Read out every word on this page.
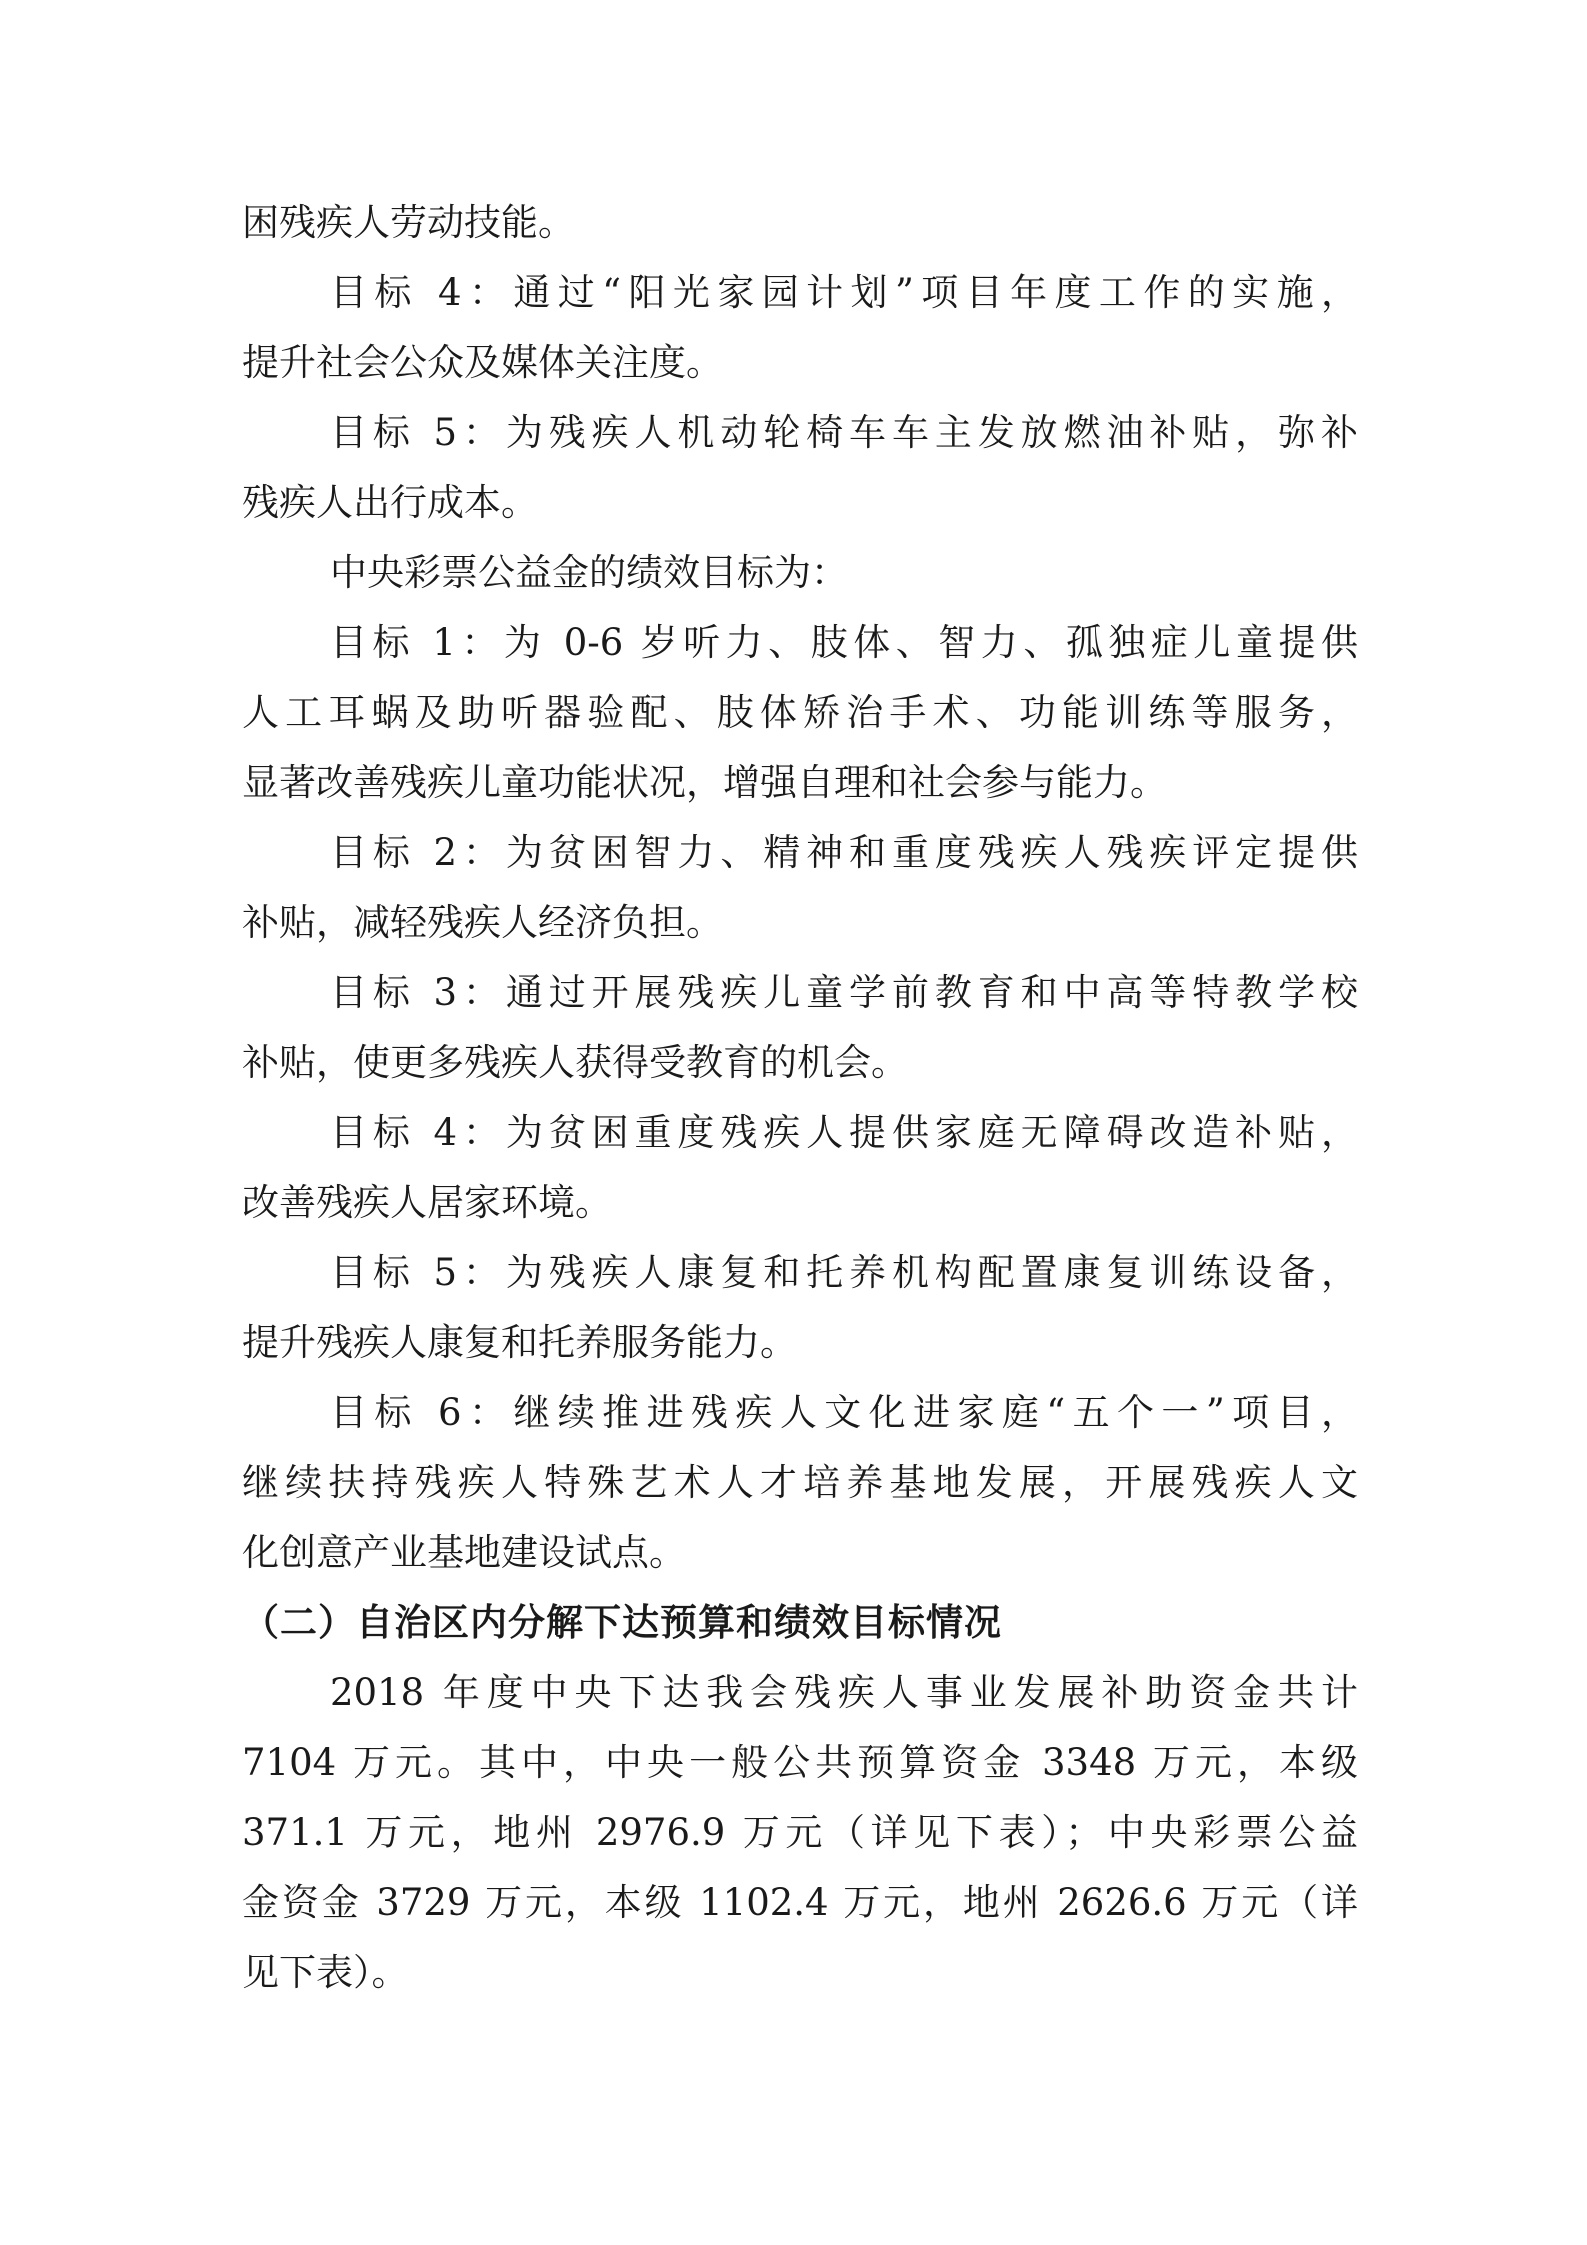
困残疾人劳动技能。
目标 4：通过“阳光家园计划”项目年度工作的实施，
提升社会公众及媒体关注度。
目标 5：为残疾人机动轮椅车车主发放燃油补贴，弥补
残疾人出行成本。
中央彩票公益金的绩效目标为：
目标 1：为 0-6 岁听力、肢体、智力、孤独症儿童提供
人工耳蜗及助听器验配、肢体矫治手术、功能训练等服务，
显著改善残疾儿童功能状况，增强自理和社会参与能力。
目标 2：为贫困智力、精神和重度残疾人残疾评定提供
补贴，减轻残疾人经济负担。
目标 3：通过开展残疾儿童学前教育和中高等特教学校
补贴，使更多残疾人获得受教育的机会。
目标 4：为贫困重度残疾人提供家庭无障碍改造补贴，
改善残疾人居家环境。
目标 5：为残疾人康复和托养机构配置康复训练设备，
提升残疾人康复和托养服务能力。
目标 6：继续推进残疾人文化进家庭“五个一”项目，
继续扶持残疾人特殊艺术人才培养基地发展，开展残疾人文
化创意产业基地建设试点。
（二）自治区内分解下达预算和绩效目标情况
2018 年度中央下达我会残疾人事业发展补助资金共计
7104 万元。其中，中央一般公共预算资金 3348 万元，本级
371.1 万元，地州 2976.9 万元（详见下表）；中央彩票公益
金资金 3729 万元，本级 1102.4 万元，地州 2626.6 万元（详
见下表）。
